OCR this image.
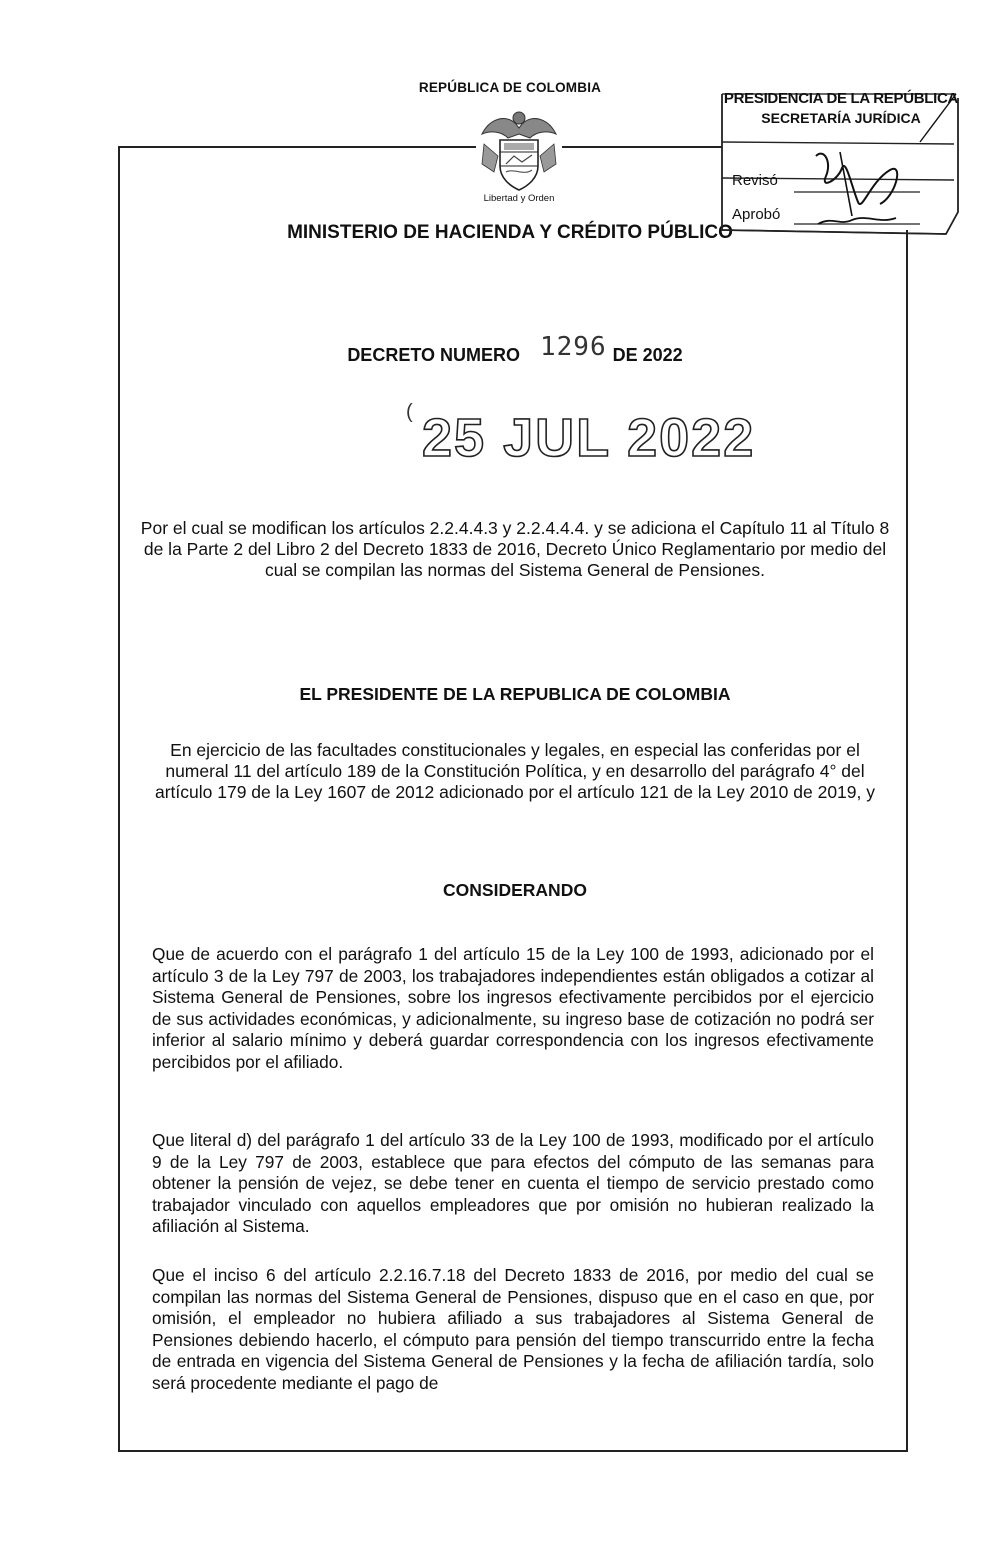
REPÚBLICA DE COLOMBIA
Libertad y Orden
MINISTERIO DE HACIENDA Y CRÉDITO PÚBLICO
PRESIDENCIA DE LA REPÚBLICA
SECRETARÍA JURÍDICA
Revisó
Aprobó
DECRETO NUMERO 1296 DE 2022
( 25 JUL 2022
Por el cual se modifican los artículos 2.2.4.4.3 y 2.2.4.4.4. y se adiciona el Capítulo 11 al Título 8 de la Parte 2 del Libro 2 del Decreto 1833 de 2016, Decreto Único Reglamentario por medio del cual se compilan las normas del Sistema General de Pensiones.
EL PRESIDENTE DE LA REPUBLICA DE COLOMBIA
En ejercicio de las facultades constitucionales y legales, en especial las conferidas por el numeral 11 del artículo 189 de la Constitución Política, y en desarrollo del parágrafo 4° del artículo 179 de la Ley 1607 de 2012 adicionado por el artículo 121 de la Ley 2010 de 2019, y
CONSIDERANDO
Que de acuerdo con el parágrafo 1 del artículo 15 de la Ley 100 de 1993, adicionado por el artículo 3 de la Ley 797 de 2003, los trabajadores independientes están obligados a cotizar al Sistema General de Pensiones, sobre los ingresos efectivamente percibidos por el ejercicio de sus actividades económicas, y adicionalmente, su ingreso base de cotización no podrá ser inferior al salario mínimo y deberá guardar correspondencia con los ingresos efectivamente percibidos por el afiliado.
Que literal d) del parágrafo 1 del artículo 33 de la Ley 100 de 1993, modificado por el artículo 9 de la Ley 797 de 2003, establece que para efectos del cómputo de las semanas para obtener la pensión de vejez, se debe tener en cuenta el tiempo de servicio prestado como trabajador vinculado con aquellos empleadores que por omisión no hubieran realizado la afiliación al Sistema.
Que el inciso 6 del artículo 2.2.16.7.18 del Decreto 1833 de 2016, por medio del cual se compilan las normas del Sistema General de Pensiones, dispuso que en el caso en que, por omisión, el empleador no hubiera afiliado a sus trabajadores al Sistema General de Pensiones debiendo hacerlo, el cómputo para pensión del tiempo transcurrido entre la fecha de entrada en vigencia del Sistema General de Pensiones y la fecha de afiliación tardía, solo será procedente mediante el pago de
